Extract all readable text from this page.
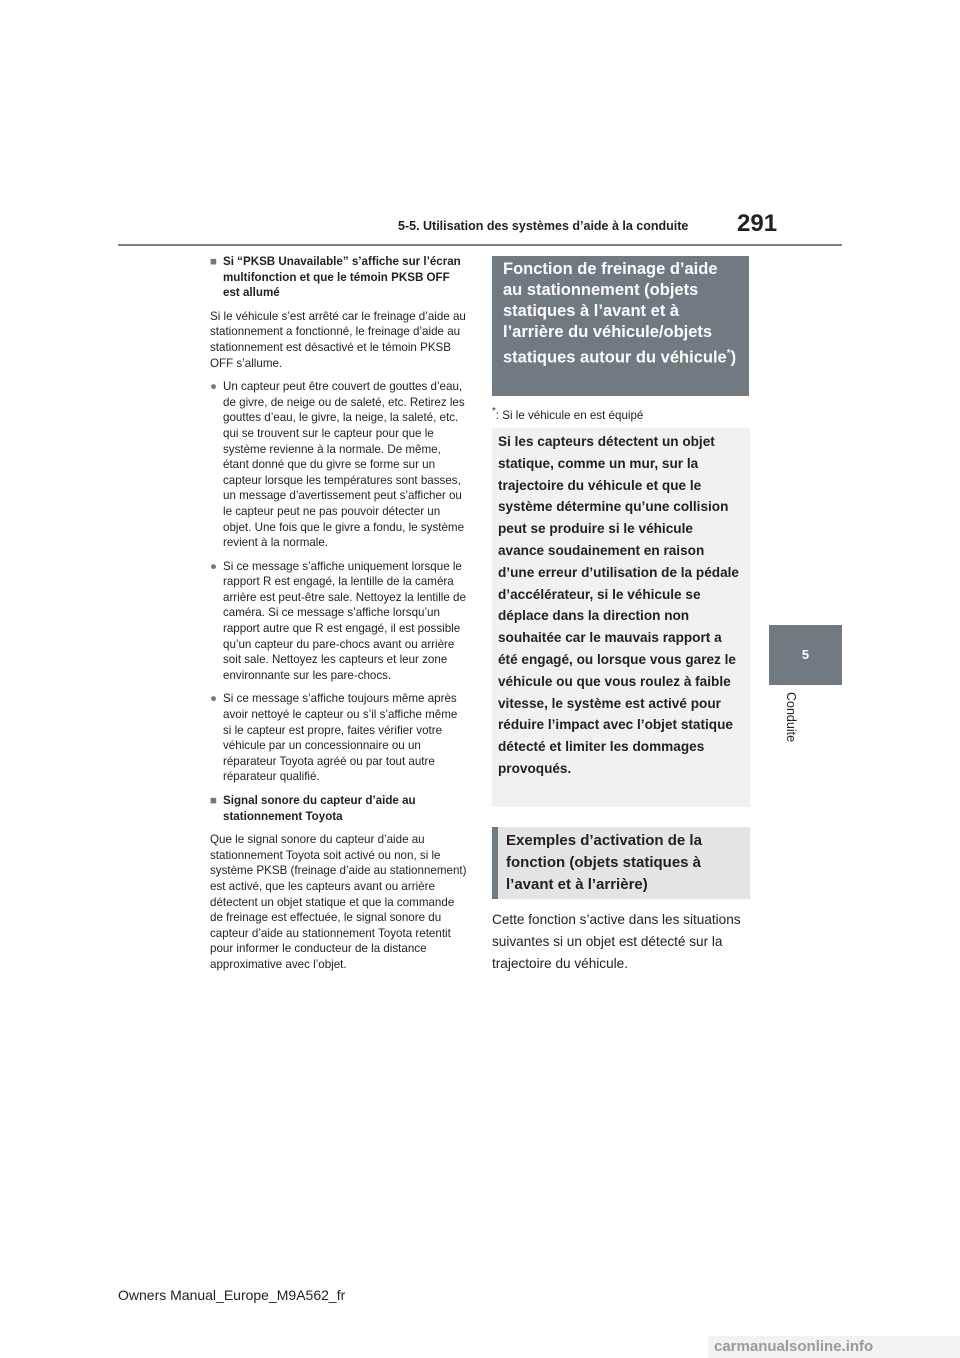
5-5. Utilisation des systèmes d’aide à la conduite 291
5
Conduite
■ Si “PKSB Unavailable” s’affiche sur l’écran multifonction et que le témoin PKSB OFF est allumé

Si le véhicule s’est arrêté car le freinage d’aide au stationnement a fonctionné, le freinage d’aide au stationnement est désactivé et le témoin PKSB OFF s’allume.

● Un capteur peut être couvert de gouttes d’eau, de givre, de neige ou de saleté, etc. Retirez les gouttes d’eau, le givre, la neige, la saleté, etc. qui se trouvent sur le capteur pour que le système revienne à la normale. De même, étant donné que du givre se forme sur un capteur lorsque les températures sont basses, un message d’avertissement peut s’afficher ou le capteur peut ne pas pouvoir détecter un objet. Une fois que le givre a fondu, le système revient à la normale.
● Si ce message s’affiche uniquement lorsque le rapport R est engagé, la lentille de la caméra arrière est peut-être sale. Nettoyez la lentille de caméra. Si ce message s’affiche lorsqu’un rapport autre que R est engagé, il est possible qu’un capteur du pare-chocs avant ou arrière soit sale. Nettoyez les capteurs et leur zone environnante sur les pare-chocs.
● Si ce message s’affiche toujours même après avoir nettoyé le capteur ou s’il s’affiche même si le capteur est propre, faites vérifier votre véhicule par un concessionnaire ou un réparateur Toyota agréé ou par tout autre réparateur qualifié.
■ Signal sonore du capteur d’aide au stationnement Toyota

Que le signal sonore du capteur d’aide au stationnement Toyota soit activé ou non, si le système PKSB (freinage d’aide au stationnement) est activé, que les capteurs avant ou arrière détectent un objet statique et que la commande de freinage est effectuée, le signal sonore du capteur d’aide au stationnement Toyota retentit pour informer le conducteur de la distance approximative avec l’objet.

Fonction de freinage d’aide au stationnement (objets statiques à l’avant et à l’arrière du véhicule/objets statiques autour du véhicule*)
*: Si le véhicule en est équipé
Si les capteurs détectent un objet statique, comme un mur, sur la trajectoire du véhicule et que le système détermine qu’une collision peut se produire si le véhicule avance soudainement en raison d’une erreur d’utilisation de la pédale d’accélérateur, si le véhicule se déplace dans la direction non souhaitée car le mauvais rapport a été engagé, ou lorsque vous garez le véhicule ou que vous roulez à faible vitesse, le système est activé pour réduire l’impact avec l’objet statique détecté et limiter les dommages provoqués.
Exemples d’activation de la fonction (objets statiques à l’avant et à l’arrière)
Cette fonction s’active dans les situations suivantes si un objet est détecté sur la trajectoire du véhicule.
Owners Manual_Europe_M9A562_fr
carmanualsonline.info
